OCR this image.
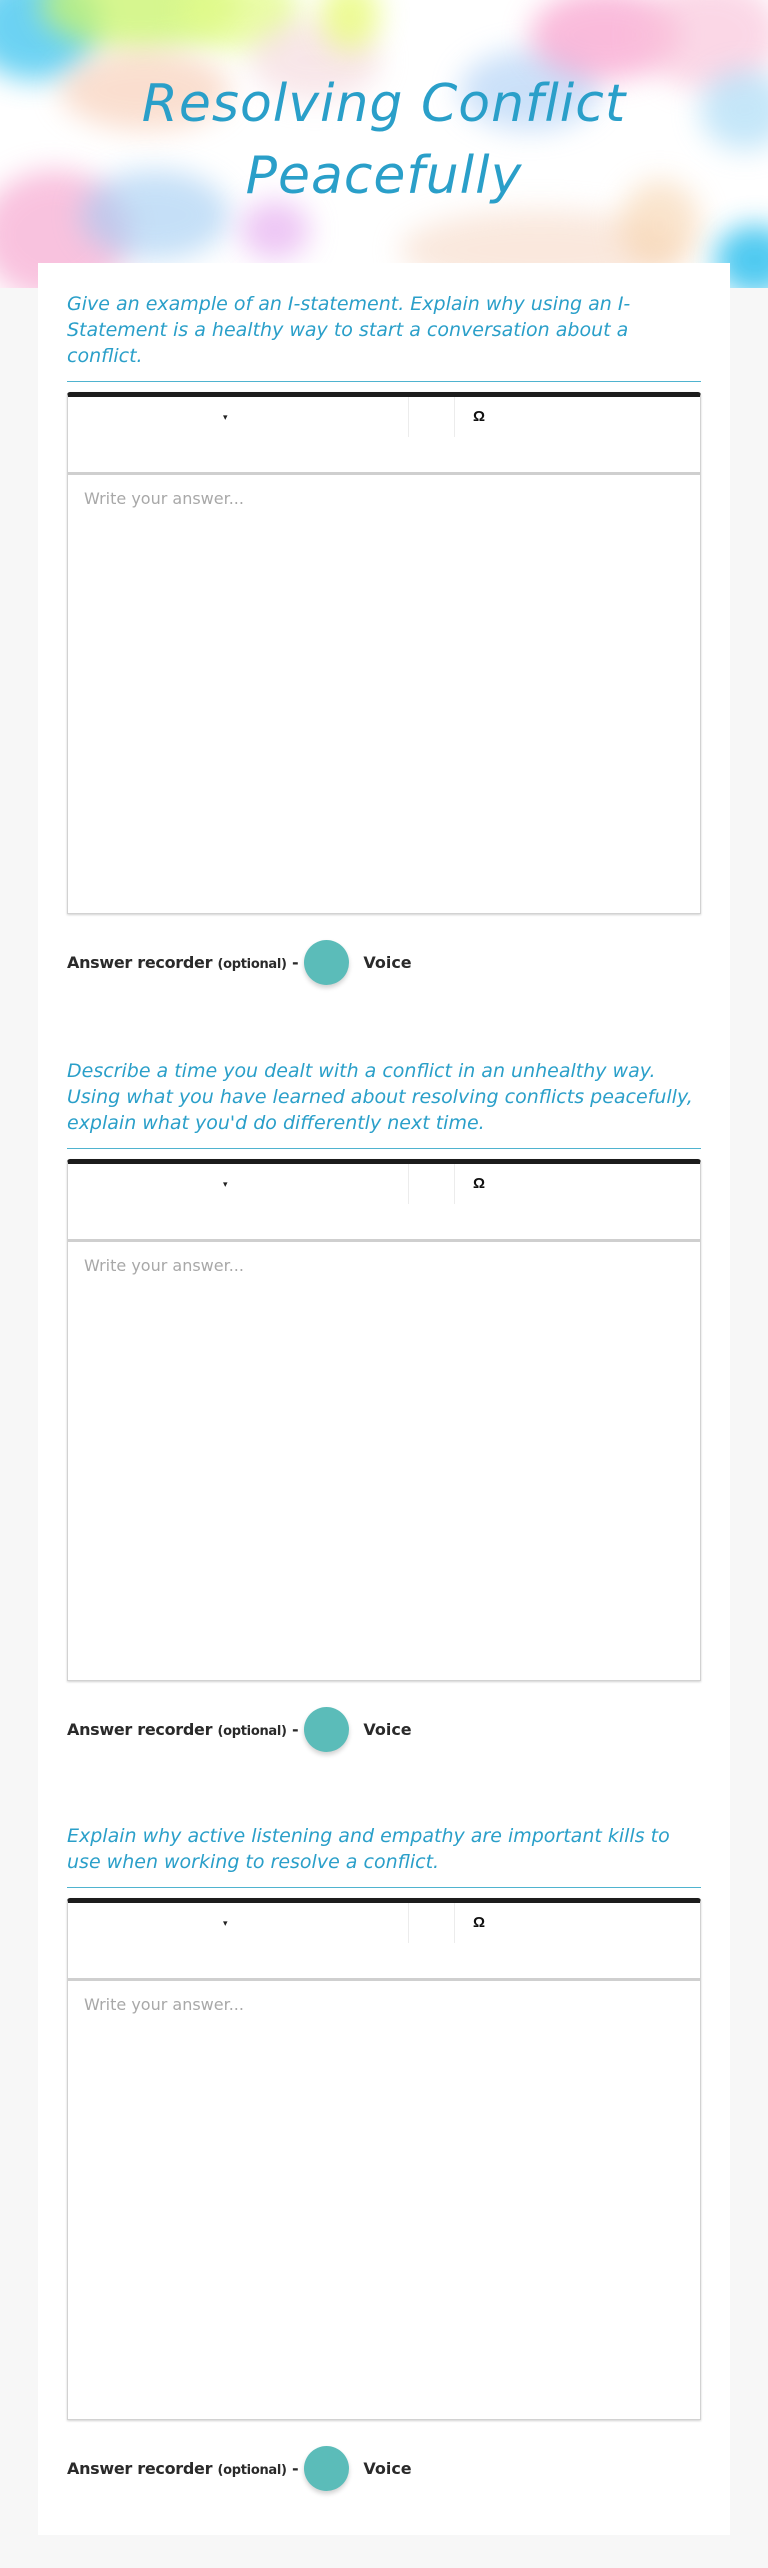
Resolving Conflict
Peacefully
Give an example of an I-statement. Explain why using an I-Statement is a healthy way to start a conversation about a conflict.
▾	Ω
Write your answer...
Answer recorder (optional) -	Voice
Describe a time you dealt with a conflict in an unhealthy way. Using what you have learned about resolving conflicts peacefully, explain what you'd do differently next time.
▾	Ω
Write your answer...
Answer recorder (optional) -	Voice
Explain why active listening and empathy are important kills to use when working to resolve a conflict.
▾	Ω
Write your answer...
Answer recorder (optional) -	Voice
